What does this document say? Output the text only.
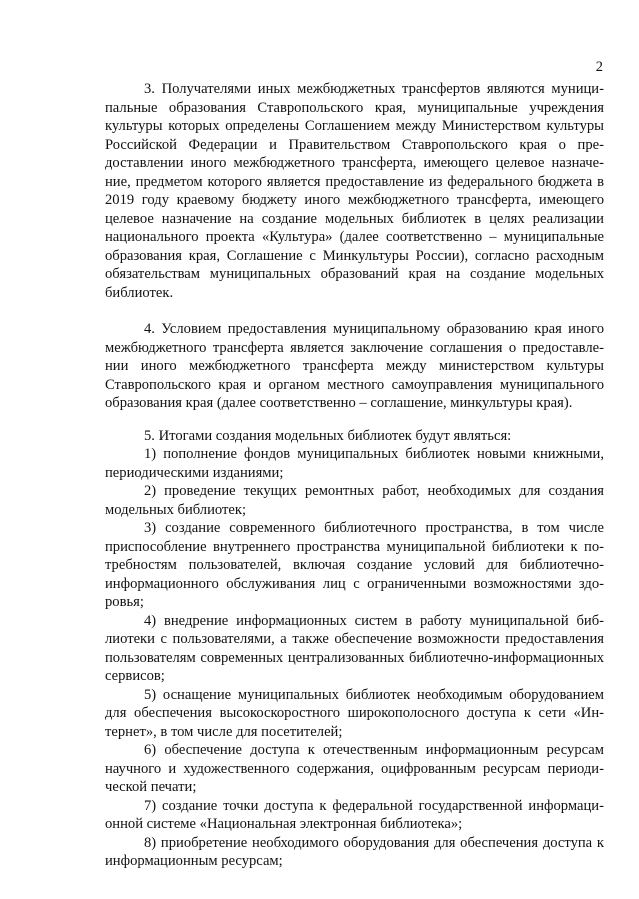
2

3. Получателями иных межбюджетных трансфертов являются муниципальные образования Ставропольского края, муниципальные учреждения культуры которых определены Соглашением между Министерством культуры Российской Федерации и Правительством Ставропольского края о предоставлении иного межбюджетного трансферта, имеющего целевое назначение, предметом которого является предоставление из федерального бюджета в 2019 году краевому бюджету иного межбюджетного трансферта, имеющего целевое назначение на создание модельных библиотек в целях реализации национального проекта «Культура» (далее соответственно – муниципальные образования края, Соглашение с Минкультуры России), согласно расходным обязательствам муниципальных образований края на создание модельных библиотек.

4. Условием предоставления муниципальному образованию края иного межбюджетного трансферта является заключение соглашения о предоставлении иного межбюджетного трансферта между министерством культуры Ставропольского края и органом местного самоуправления муниципального образования края (далее соответственно – соглашение, минкультуры края).

5. Итогами создания модельных библиотек будут являться:

1) пополнение фондов муниципальных библиотек новыми книжными, периодическими изданиями;

2) проведение текущих ремонтных работ, необходимых для создания модельных библиотек;

3) создание современного библиотечного пространства, в том числе приспособление внутреннего пространства муниципальной библиотеки к потребностям пользователей, включая создание условий для библиотечно-информационного обслуживания лиц с ограниченными возможностями здоровья;

4) внедрение информационных систем в работу муниципальной библиотеки с пользователями, а также обеспечение возможности предоставления пользователям современных централизованных библиотечно-информационных сервисов;

5) оснащение муниципальных библиотек необходимым оборудованием для обеспечения высокоскоростного широкополосного доступа к сети «Интернет», в том числе для посетителей;

6) обеспечение доступа к отечественным информационным ресурсам научного и художественного содержания, оцифрованным ресурсам периодической печати;

7) создание точки доступа к федеральной государственной информационной системе «Национальная электронная библиотека»;

8) приобретение необходимого оборудования для обеспечения доступа к информационным ресурсам;
